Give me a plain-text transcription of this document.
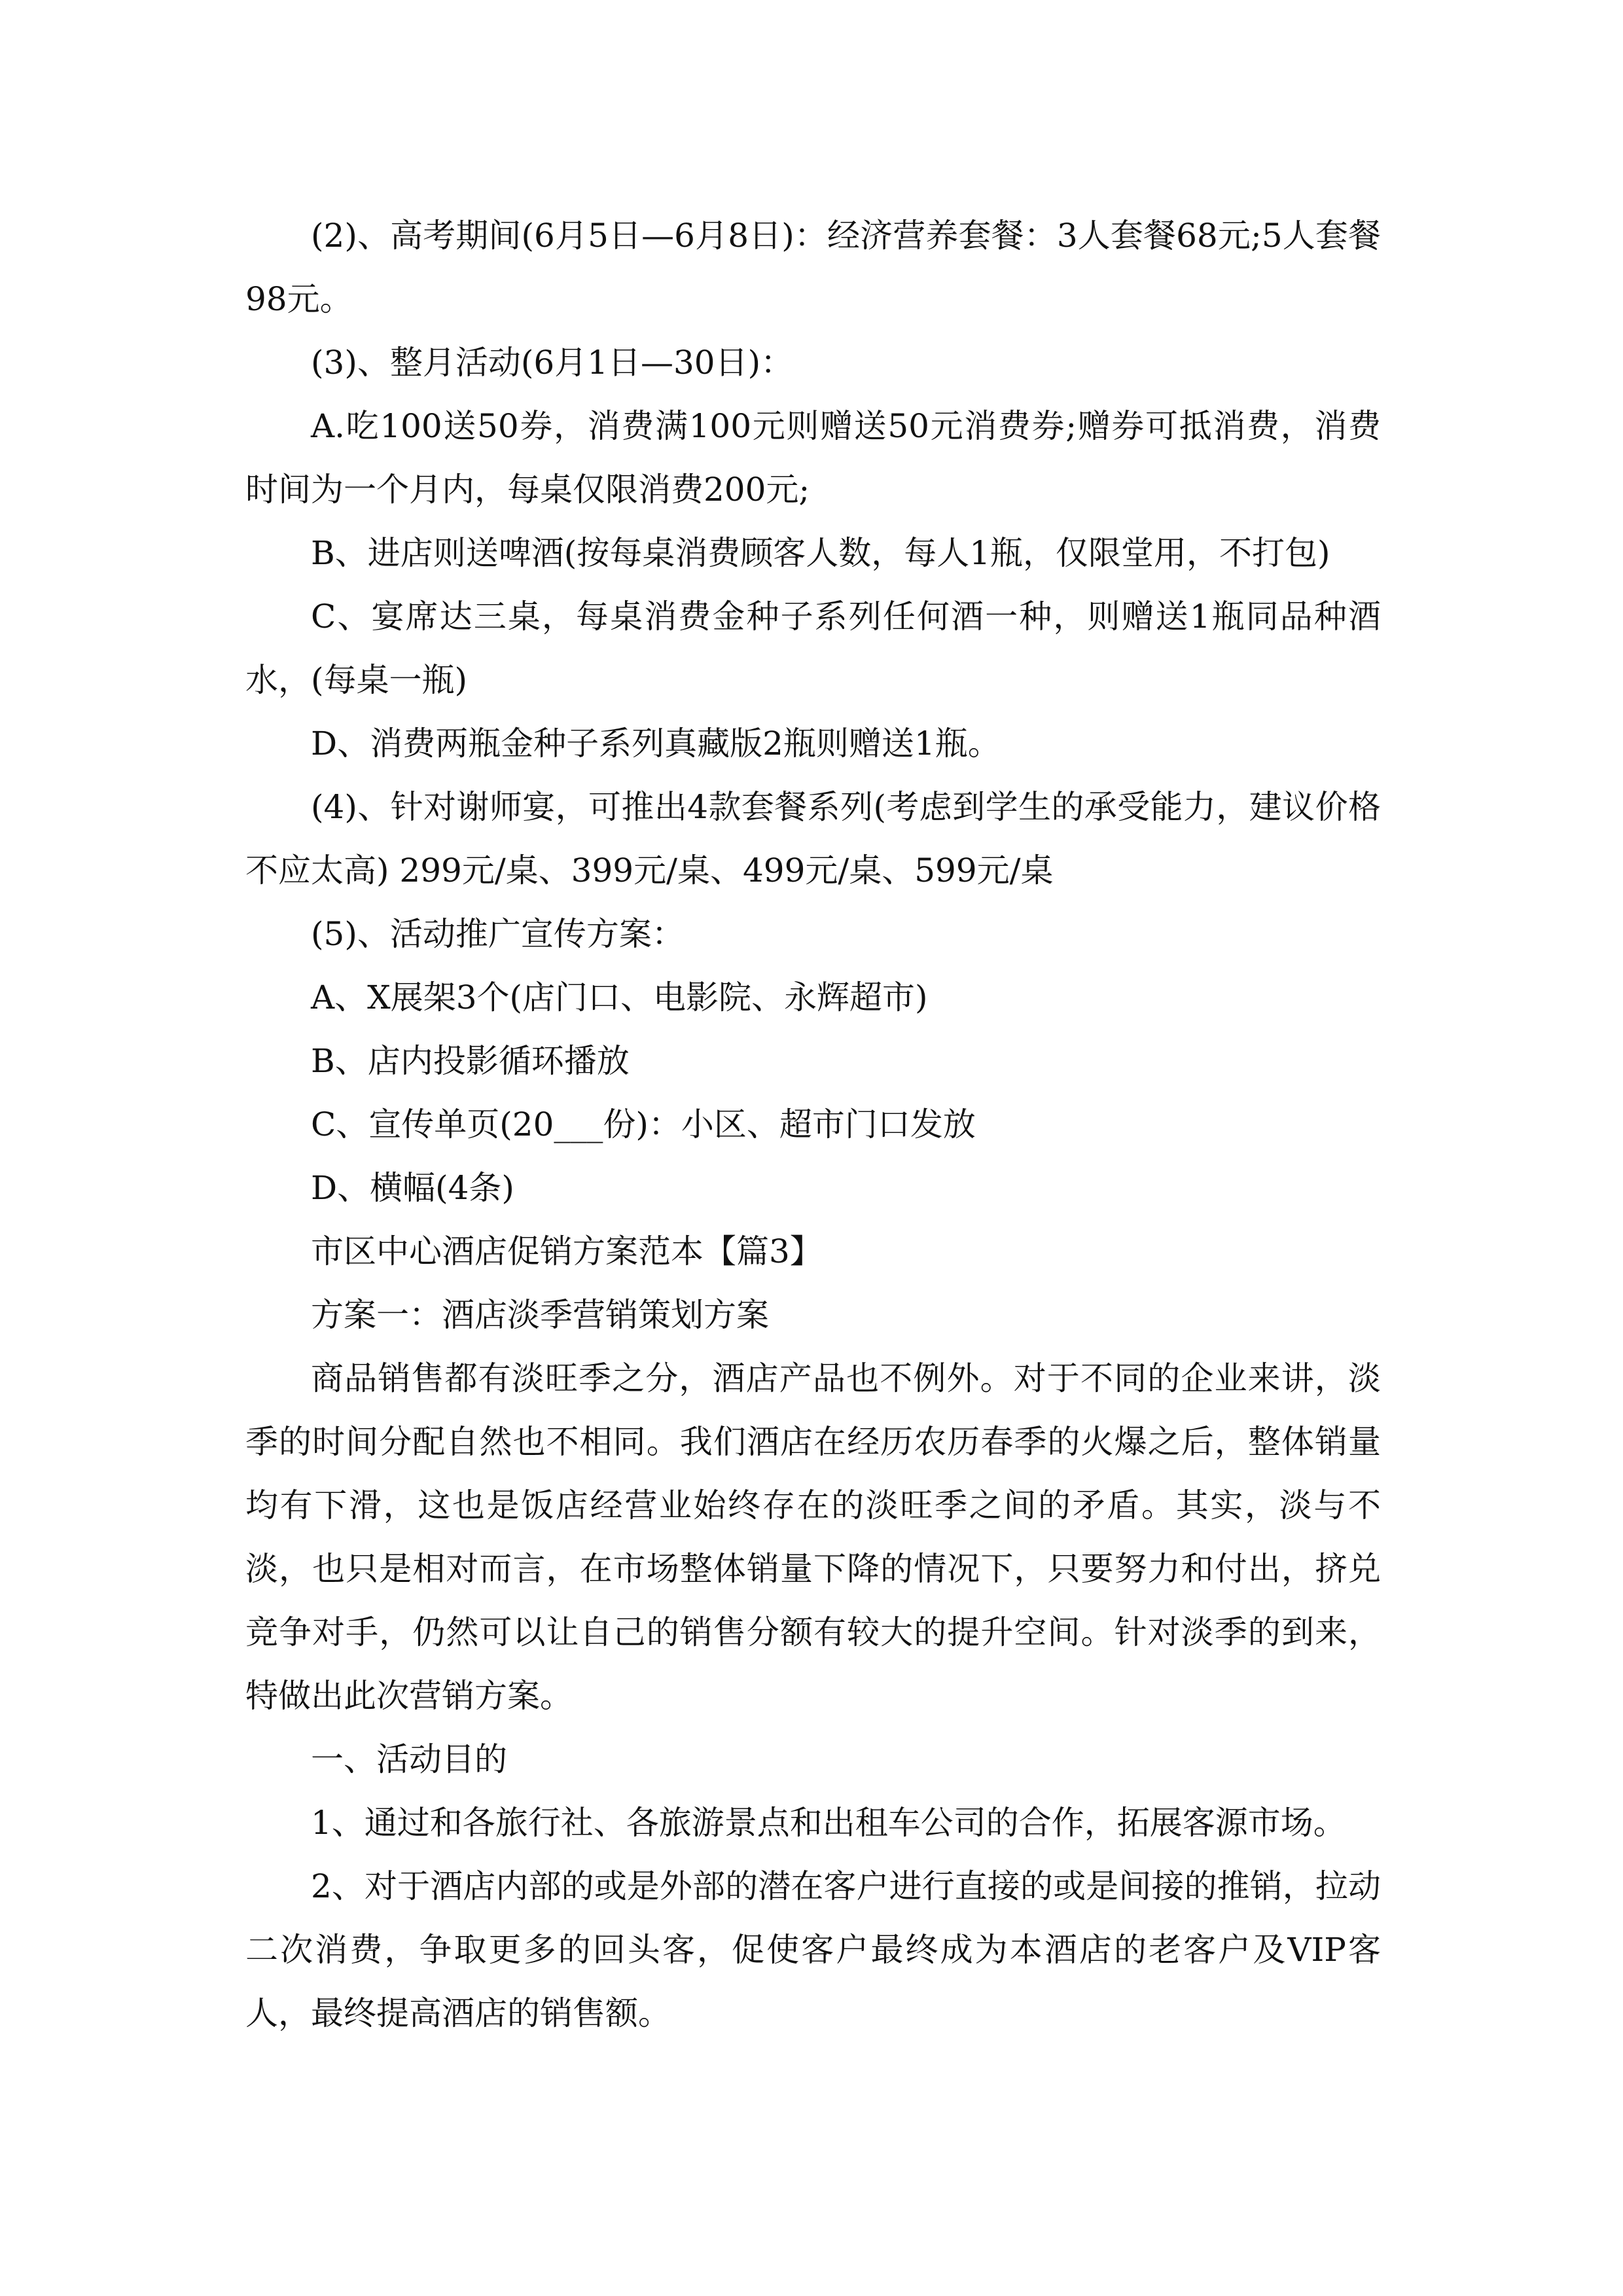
(2)、高考期间(6月5日—6月8日)：经济营养套餐：3人套餐68元;5人套餐98元。

(3)、整月活动(6月1日—30日)：

A.吃100送50券，消费满100元则赠送50元消费券;赠券可抵消费，消费时间为一个月内，每桌仅限消费200元;

B、进店则送啤酒(按每桌消费顾客人数，每人1瓶，仅限堂用，不打包)

C、宴席达三桌，每桌消费金种子系列任何酒一种，则赠送1瓶同品种酒水，(每桌一瓶)

D、消费两瓶金种子系列真藏版2瓶则赠送1瓶。

(4)、针对谢师宴，可推出4款套餐系列(考虑到学生的承受能力，建议价格不应太高) 299元/桌、399元/桌、499元/桌、599元/桌

(5)、活动推广宣传方案：

A、X展架3个(店门口、电影院、永辉超市)

B、店内投影循环播放

C、宣传单页(20___份)：小区、超市门口发放

D、横幅(4条)

市区中心酒店促销方案范本【篇3】

方案一：酒店淡季营销策划方案

商品销售都有淡旺季之分，酒店产品也不例外。对于不同的企业来讲，淡季的时间分配自然也不相同。我们酒店在经历农历春季的火爆之后，整体销量均有下滑，这也是饭店经营业始终存在的淡旺季之间的矛盾。其实，淡与不淡，也只是相对而言，在市场整体销量下降的情况下，只要努力和付出，挤兑竞争对手，仍然可以让自己的销售分额有较大的提升空间。针对淡季的到来，特做出此次营销方案。

一、活动目的

1、通过和各旅行社、各旅游景点和出租车公司的合作，拓展客源市场。

2、对于酒店内部的或是外部的潜在客户进行直接的或是间接的推销，拉动二次消费，争取更多的回头客，促使客户最终成为本酒店的老客户及VIP客人，最终提高酒店的销售额。
